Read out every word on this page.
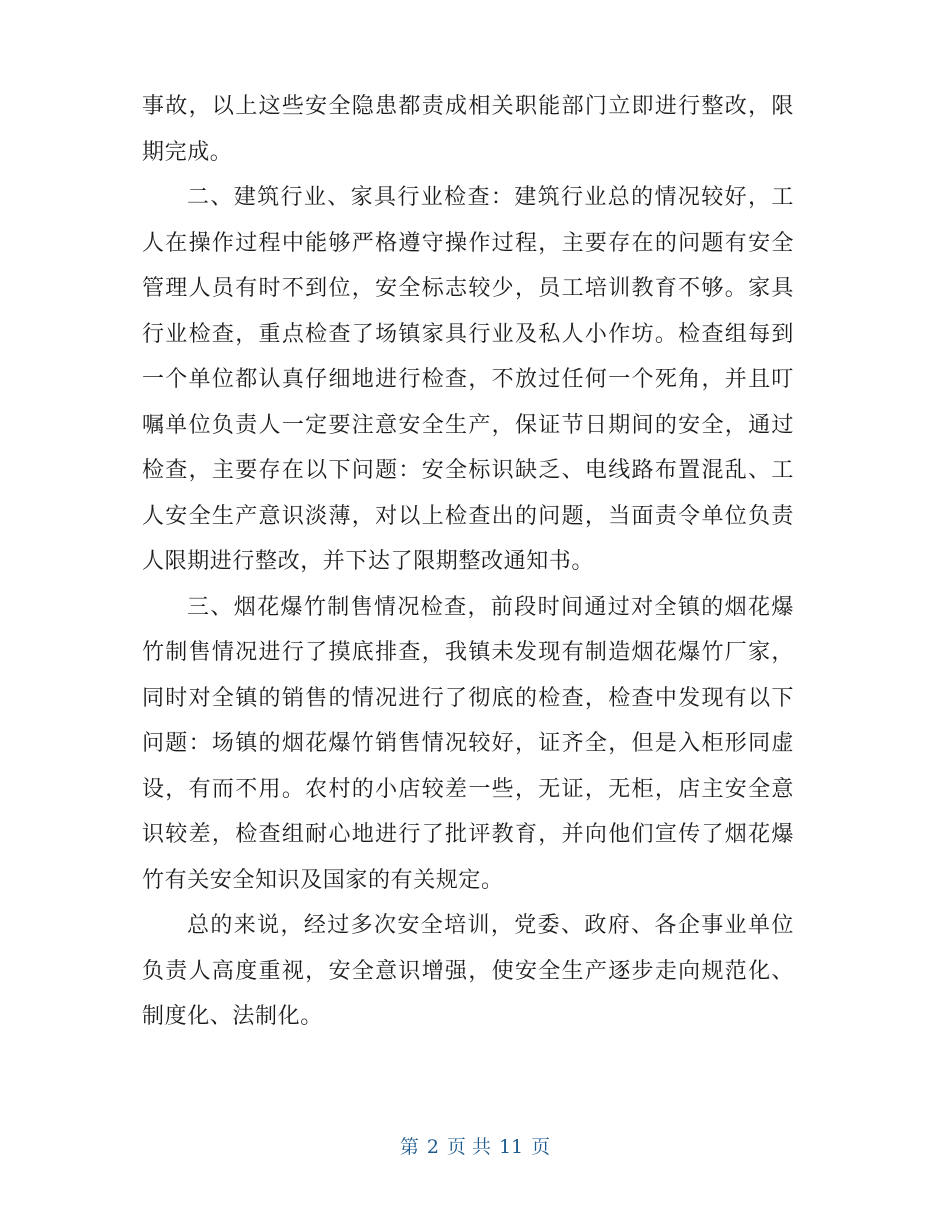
事故，以上这些安全隐患都责成相关职能部门立即进行整改，限期完成。

二、建筑行业、家具行业检查：建筑行业总的情况较好，工人在操作过程中能够严格遵守操作过程，主要存在的问题有安全管理人员有时不到位，安全标志较少，员工培训教育不够。家具行业检查，重点检查了场镇家具行业及私人小作坊。检查组每到一个单位都认真仔细地进行检查，不放过任何一个死角，并且叮嘱单位负责人一定要注意安全生产，保证节日期间的安全，通过检查，主要存在以下问题：安全标识缺乏、电线路布置混乱、工人安全生产意识淡薄，对以上检查出的问题，当面责令单位负责人限期进行整改，并下达了限期整改通知书。

三、烟花爆竹制售情况检查，前段时间通过对全镇的烟花爆竹制售情况进行了摸底排查，我镇未发现有制造烟花爆竹厂家，同时对全镇的销售的情况进行了彻底的检查，检查中发现有以下问题：场镇的烟花爆竹销售情况较好，证齐全，但是入柜形同虚设，有而不用。农村的小店较差一些，无证，无柜，店主安全意识较差，检查组耐心地进行了批评教育，并向他们宣传了烟花爆竹有关安全知识及国家的有关规定。

总的来说，经过多次安全培训，党委、政府、各企事业单位负责人高度重视，安全意识增强，使安全生产逐步走向规范化、制度化、法制化。

第 2 页 共 11 页
